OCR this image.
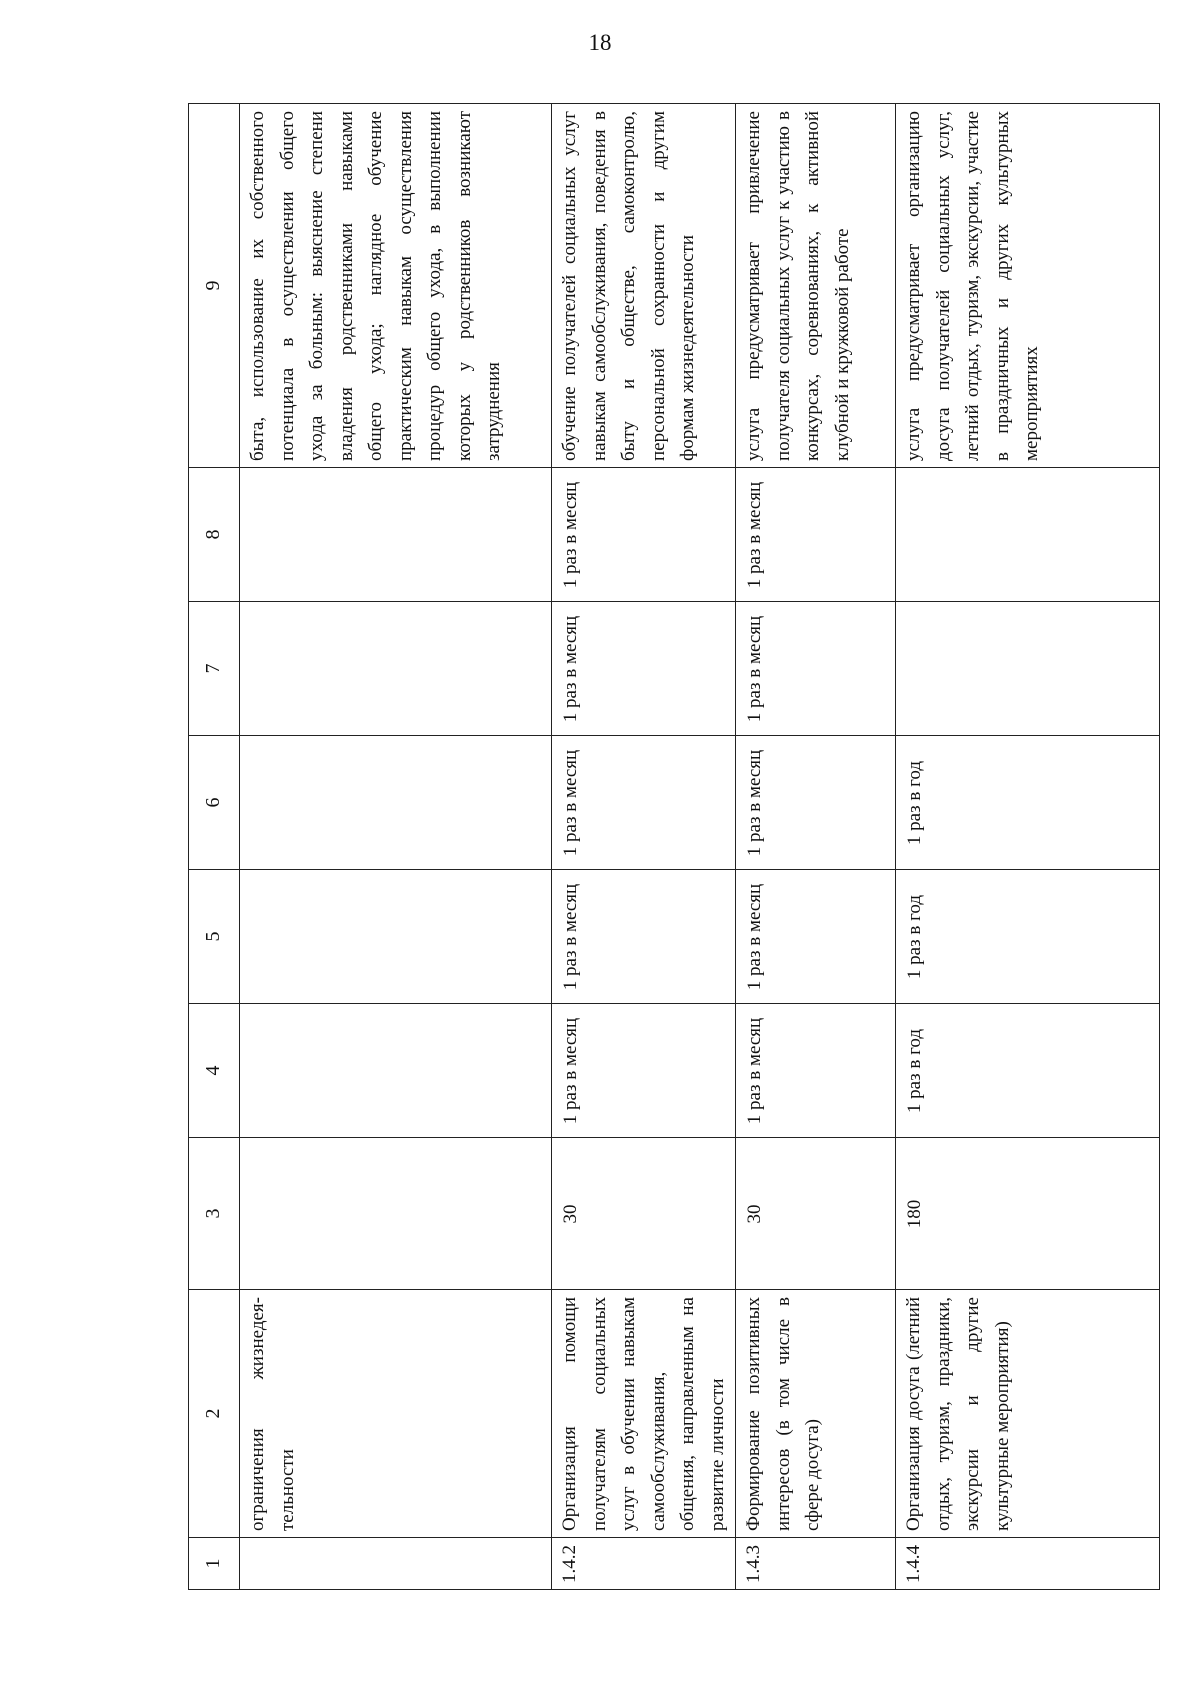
18
1	2	3	4	5	6	7	8	9

	ограничения жизнедея-тельности							быта, использование их собственного потенциала в осуществлении общего ухода за больным: выяснение степени владения родственниками навыками общего ухода; наглядное обучение практическим навыкам осуществления процедур общего ухода, в выполнении которых у родственников возникают затруднения

1.4.2	Организация помощи получателям социальных услуг в обучении навыкам самообслуживания, общения, направленным на развитие личности	30	1 раз в месяц	1 раз в месяц	1 раз в месяц	1 раз в месяц	1 раз в месяц	обучение получателей социальных услуг навыкам самообслуживания, поведения в быту и обществе, самоконтролю, персональной сохранности и другим формам жизнедеятельности

1.4.3	Формирование позитивных интересов (в том числе в сфере досуга)	30	1 раз в месяц	1 раз в месяц	1 раз в месяц	1 раз в месяц	1 раз в месяц	услуга предусматривает привлечение получателя социальных услуг к участию в конкурсах, соревнованиях, к активной клубной и кружковой работе

1.4.4	Организация досуга (летний отдых, туризм, праздники, экскурсии и другие культурные мероприятия)	180	1 раз в год	1 раз в год	1 раз в год			услуга предусматривает организацию досуга получателей социальных услуг, летний отдых, туризм, экскурсии, участие в праздничных и других культурных мероприятиях
